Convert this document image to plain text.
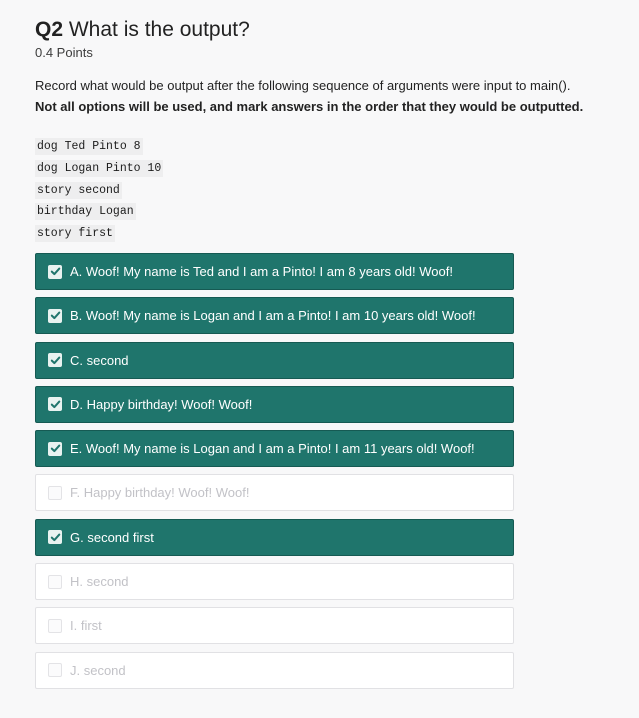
Q2 What is the output?
0.4 Points
Record what would be output after the following sequence of arguments were input to main().
Not all options will be used, and mark answers in the order that they would be outputted.
dog Ted Pinto 8
dog Logan Pinto 10
story second
birthday Logan
story first
A. Woof! My name is Ted and I am a Pinto! I am 8 years old! Woof!
B. Woof! My name is Logan and I am a Pinto! I am 10 years old! Woof!
C. second
D. Happy birthday! Woof! Woof!
E. Woof! My name is Logan and I am a Pinto! I am 11 years old! Woof!
F. Happy birthday! Woof! Woof!
G. second first
H. second
I. first
J. second
